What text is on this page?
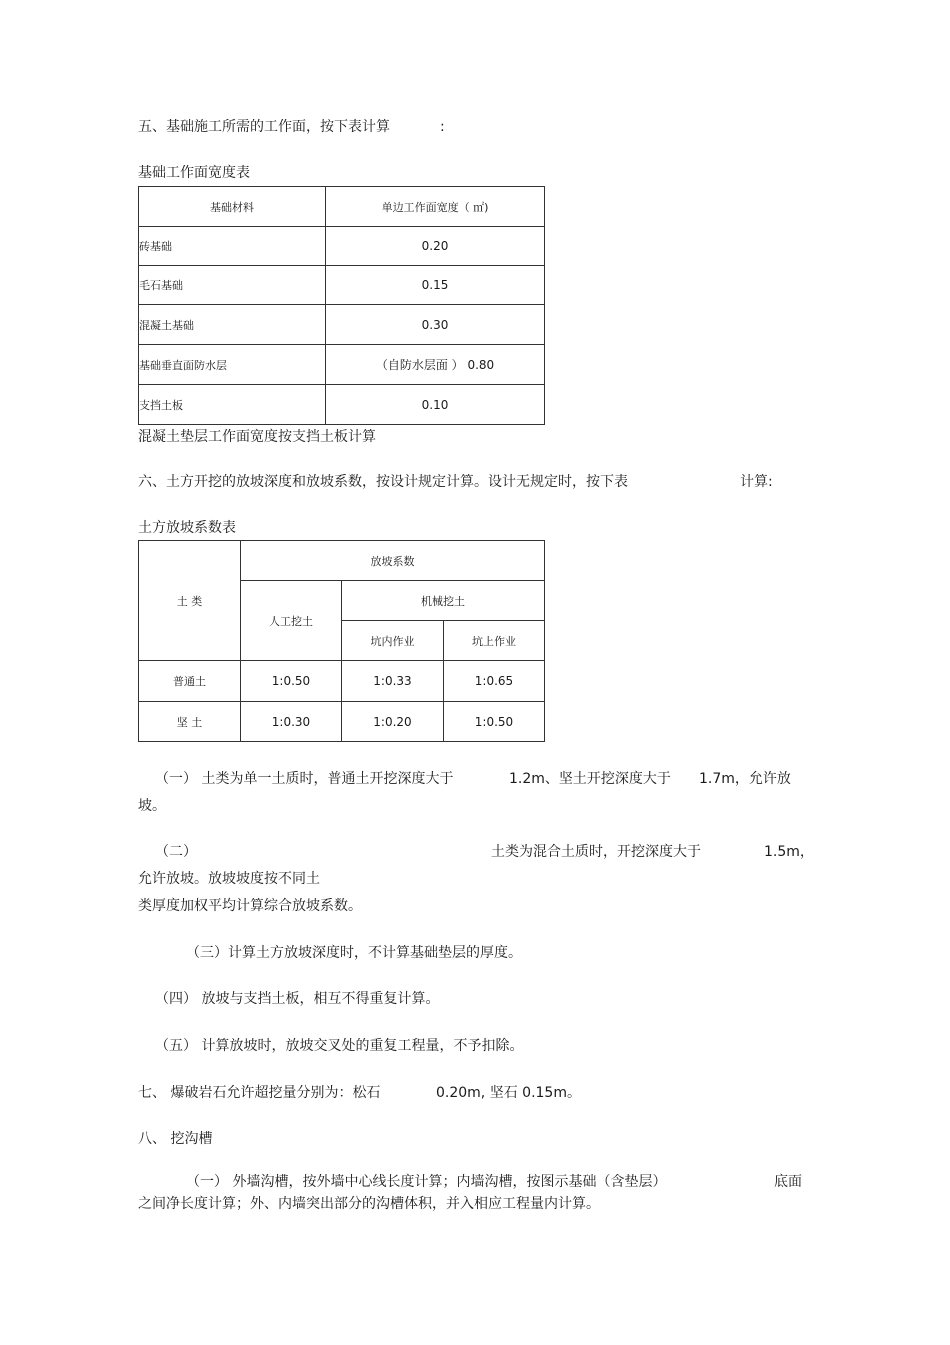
五、基础施工所需的工作面，按下表计算	:
基础工作面宽度表
基础材料	单边工作面宽度（ ㎡)
砖基础	0.20
毛石基础	0.15
混凝土基础	0.30
基础垂直面防水层	（自防水层面 ） 0.80
支挡土板	0.10
混凝土垫层工作面宽度按支挡土板计算
六、土方开挖的放坡深度和放坡系数，按设计规定计算。设计无规定时，按下表	计算:
土方放坡系数表
土 类	放坡系数		
	人工挖土	机械挖土	
		坑内作业	坑上作业
普通土	1:0.50	1:0.33	1:0.65
坚 土	1:0.30	1:0.20	1:0.50
（一） 土类为单一土质时，普通土开挖深度大于	1.2m、坚土开挖深度大于 1.7m，允许放
坡。
（二）	土类为混合土质时，开挖深度大于	1.5m，
允许放坡。放坡坡度按不同土
类厚度加权平均计算综合放坡系数。
（三）计算土方放坡深度时，不计算基础垫层的厚度。
（四） 放坡与支挡土板，相互不得重复计算。
（五） 计算放坡时，放坡交叉处的重复工程量，不予扣除。
七、 爆破岩石允许超挖量分别为：松石	0.20m, 坚石 0.15m。
八、 挖沟槽
（一） 外墙沟槽，按外墙中心线长度计算；内墙沟槽，按图示基础（含垫层）	底面
之间净长度计算；外、内墙突出部分的沟槽体积，并入相应工程量内计算。
